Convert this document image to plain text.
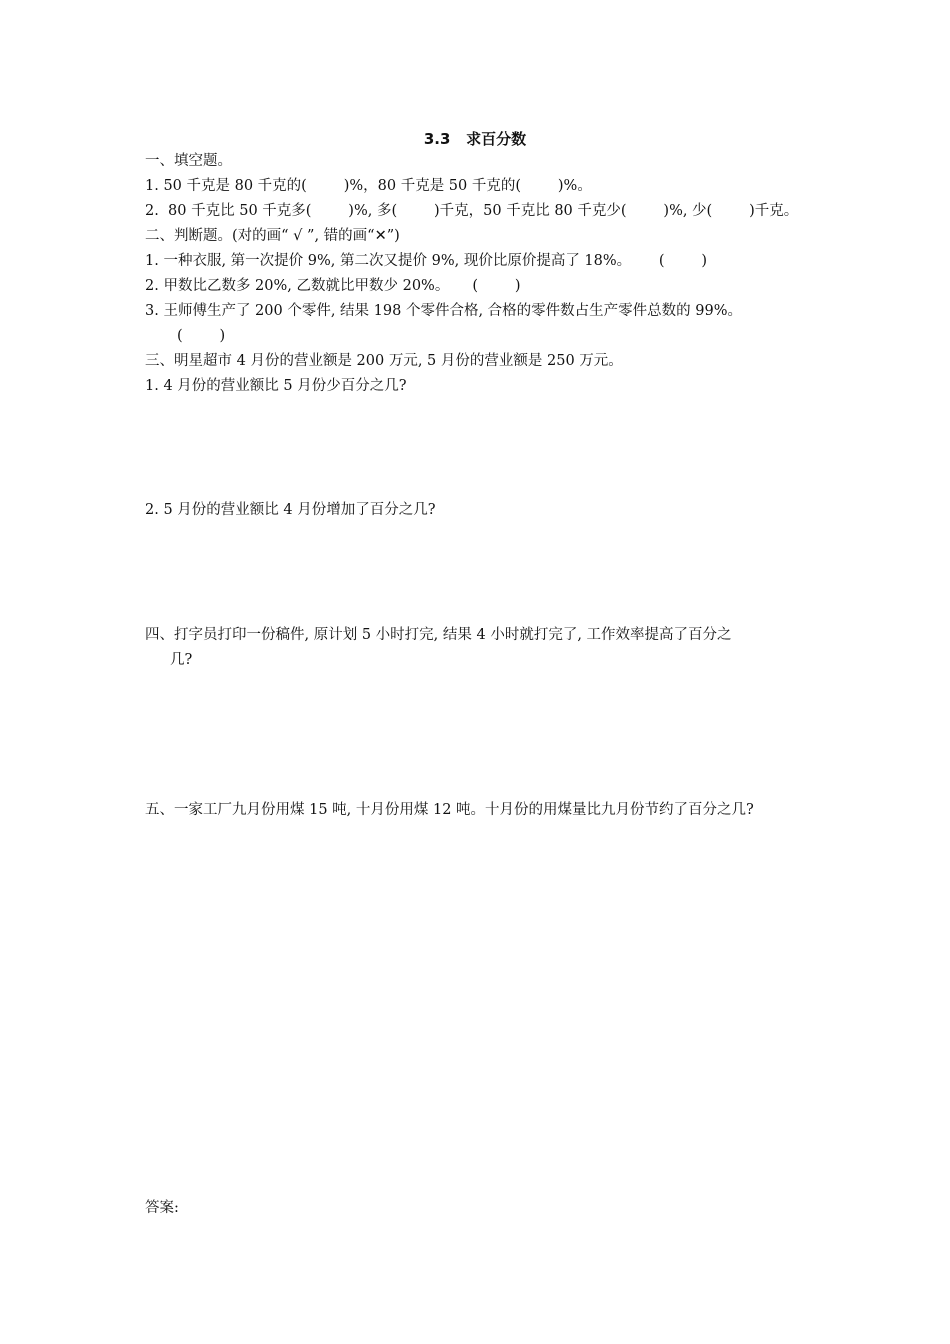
3.3   求百分数
一、填空题。
1. 50 千克是 80 千克的(        )%，80 千克是 50 千克的(        )%。
2.  80 千克比 50 千克多(        )%, 多(        )千克，50 千克比 80 千克少(        )%, 少(        )千克。
二、判断题。(对的画“ √ ”, 错的画“✕”)
1. 一种衣服, 第一次提价 9%, 第二次又提价 9%, 现价比原价提高了 18%。      (        )
2. 甲数比乙数多 20%, 乙数就比甲数少 20%。     (        )
3. 王师傅生产了 200 个零件, 结果 198 个零件合格, 合格的零件数占生产零件总数的 99%。
(        )
三、明星超市 4 月份的营业额是 200 万元, 5 月份的营业额是 250 万元。
1. 4 月份的营业额比 5 月份少百分之几?
2. 5 月份的营业额比 4 月份增加了百分之几?
四、打字员打印一份稿件, 原计划 5 小时打完, 结果 4 小时就打完了, 工作效率提高了百分之
几?
五、一家工厂九月份用煤 15 吨, 十月份用煤 12 吨。十月份的用煤量比九月份节约了百分之几?
答案:
